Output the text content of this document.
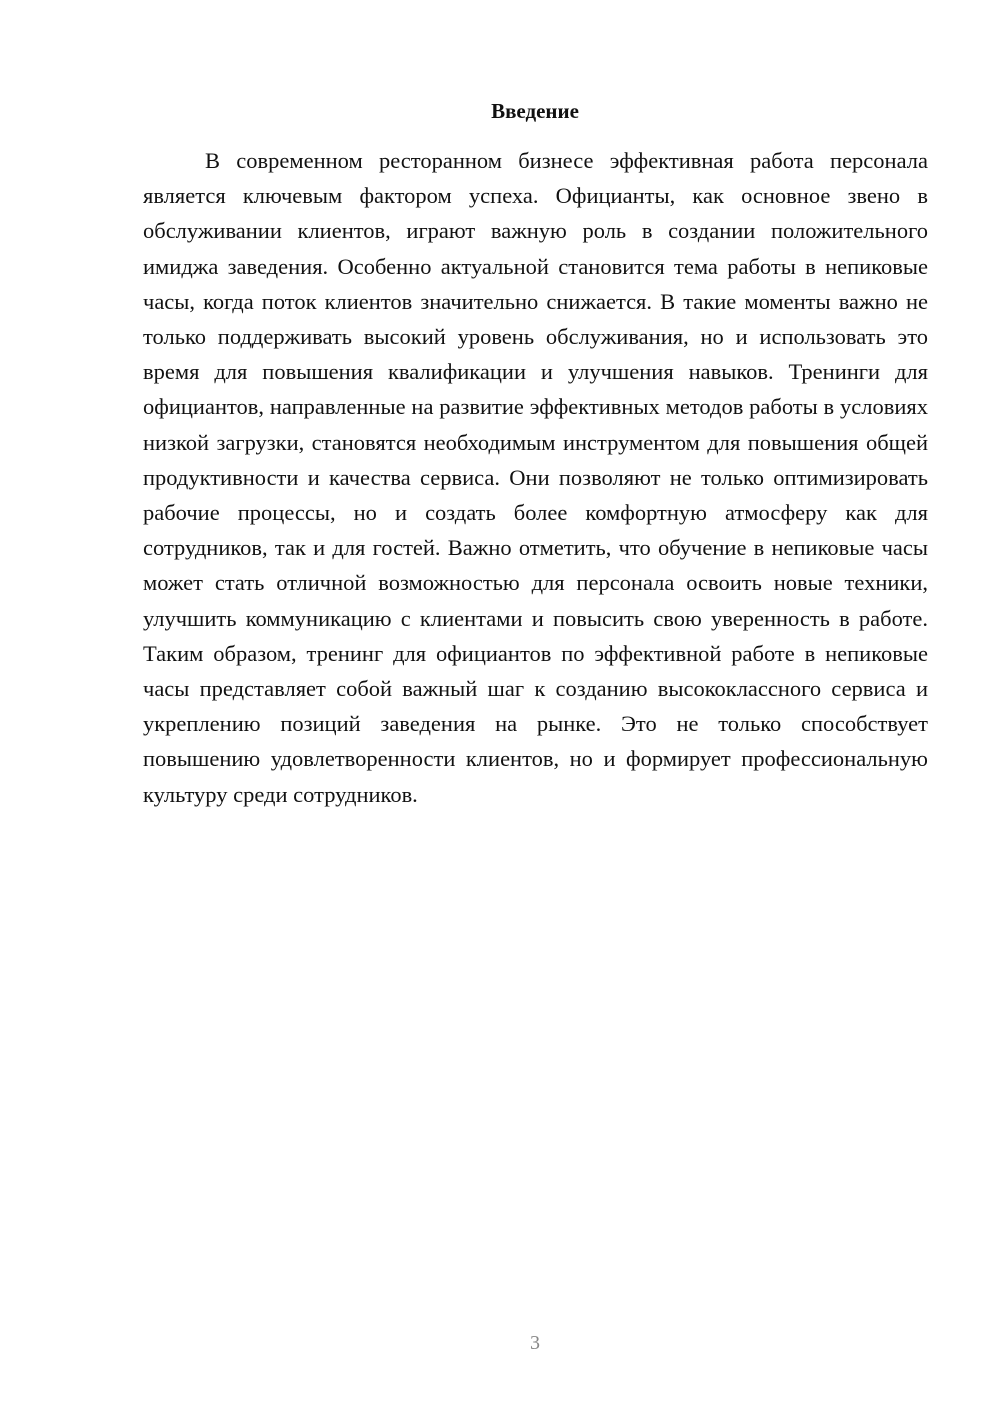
Введение

В современном ресторанном бизнесе эффективная работа персонала является ключевым фактором успеха. Официанты, как основное звено в обслуживании клиентов, играют важную роль в создании положительного имиджа заведения. Особенно актуальной становится тема работы в непиковые часы, когда поток клиентов значительно снижается. В такие моменты важно не только поддерживать высокий уровень обслуживания, но и использовать это время для повышения квалификации и улучшения навыков. Тренинги для официантов, направленные на развитие эффективных методов работы в условиях низкой загрузки, становятся необходимым инструментом для повышения общей продуктивности и качества сервиса. Они позволяют не только оптимизировать рабочие процессы, но и создать более комфортную атмосферу как для сотрудников, так и для гостей. Важно отметить, что обучение в непиковые часы может стать отличной возможностью для персонала освоить новые техники, улучшить коммуникацию с клиентами и повысить свою уверенность в работе. Таким образом, тренинг для официантов по эффективной работе в непиковые часы представляет собой важный шаг к созданию высококлассного сервиса и укреплению позиций заведения на рынке. Это не только способствует повышению удовлетворенности клиентов, но и формирует профессиональную культуру среди сотрудников.

3
